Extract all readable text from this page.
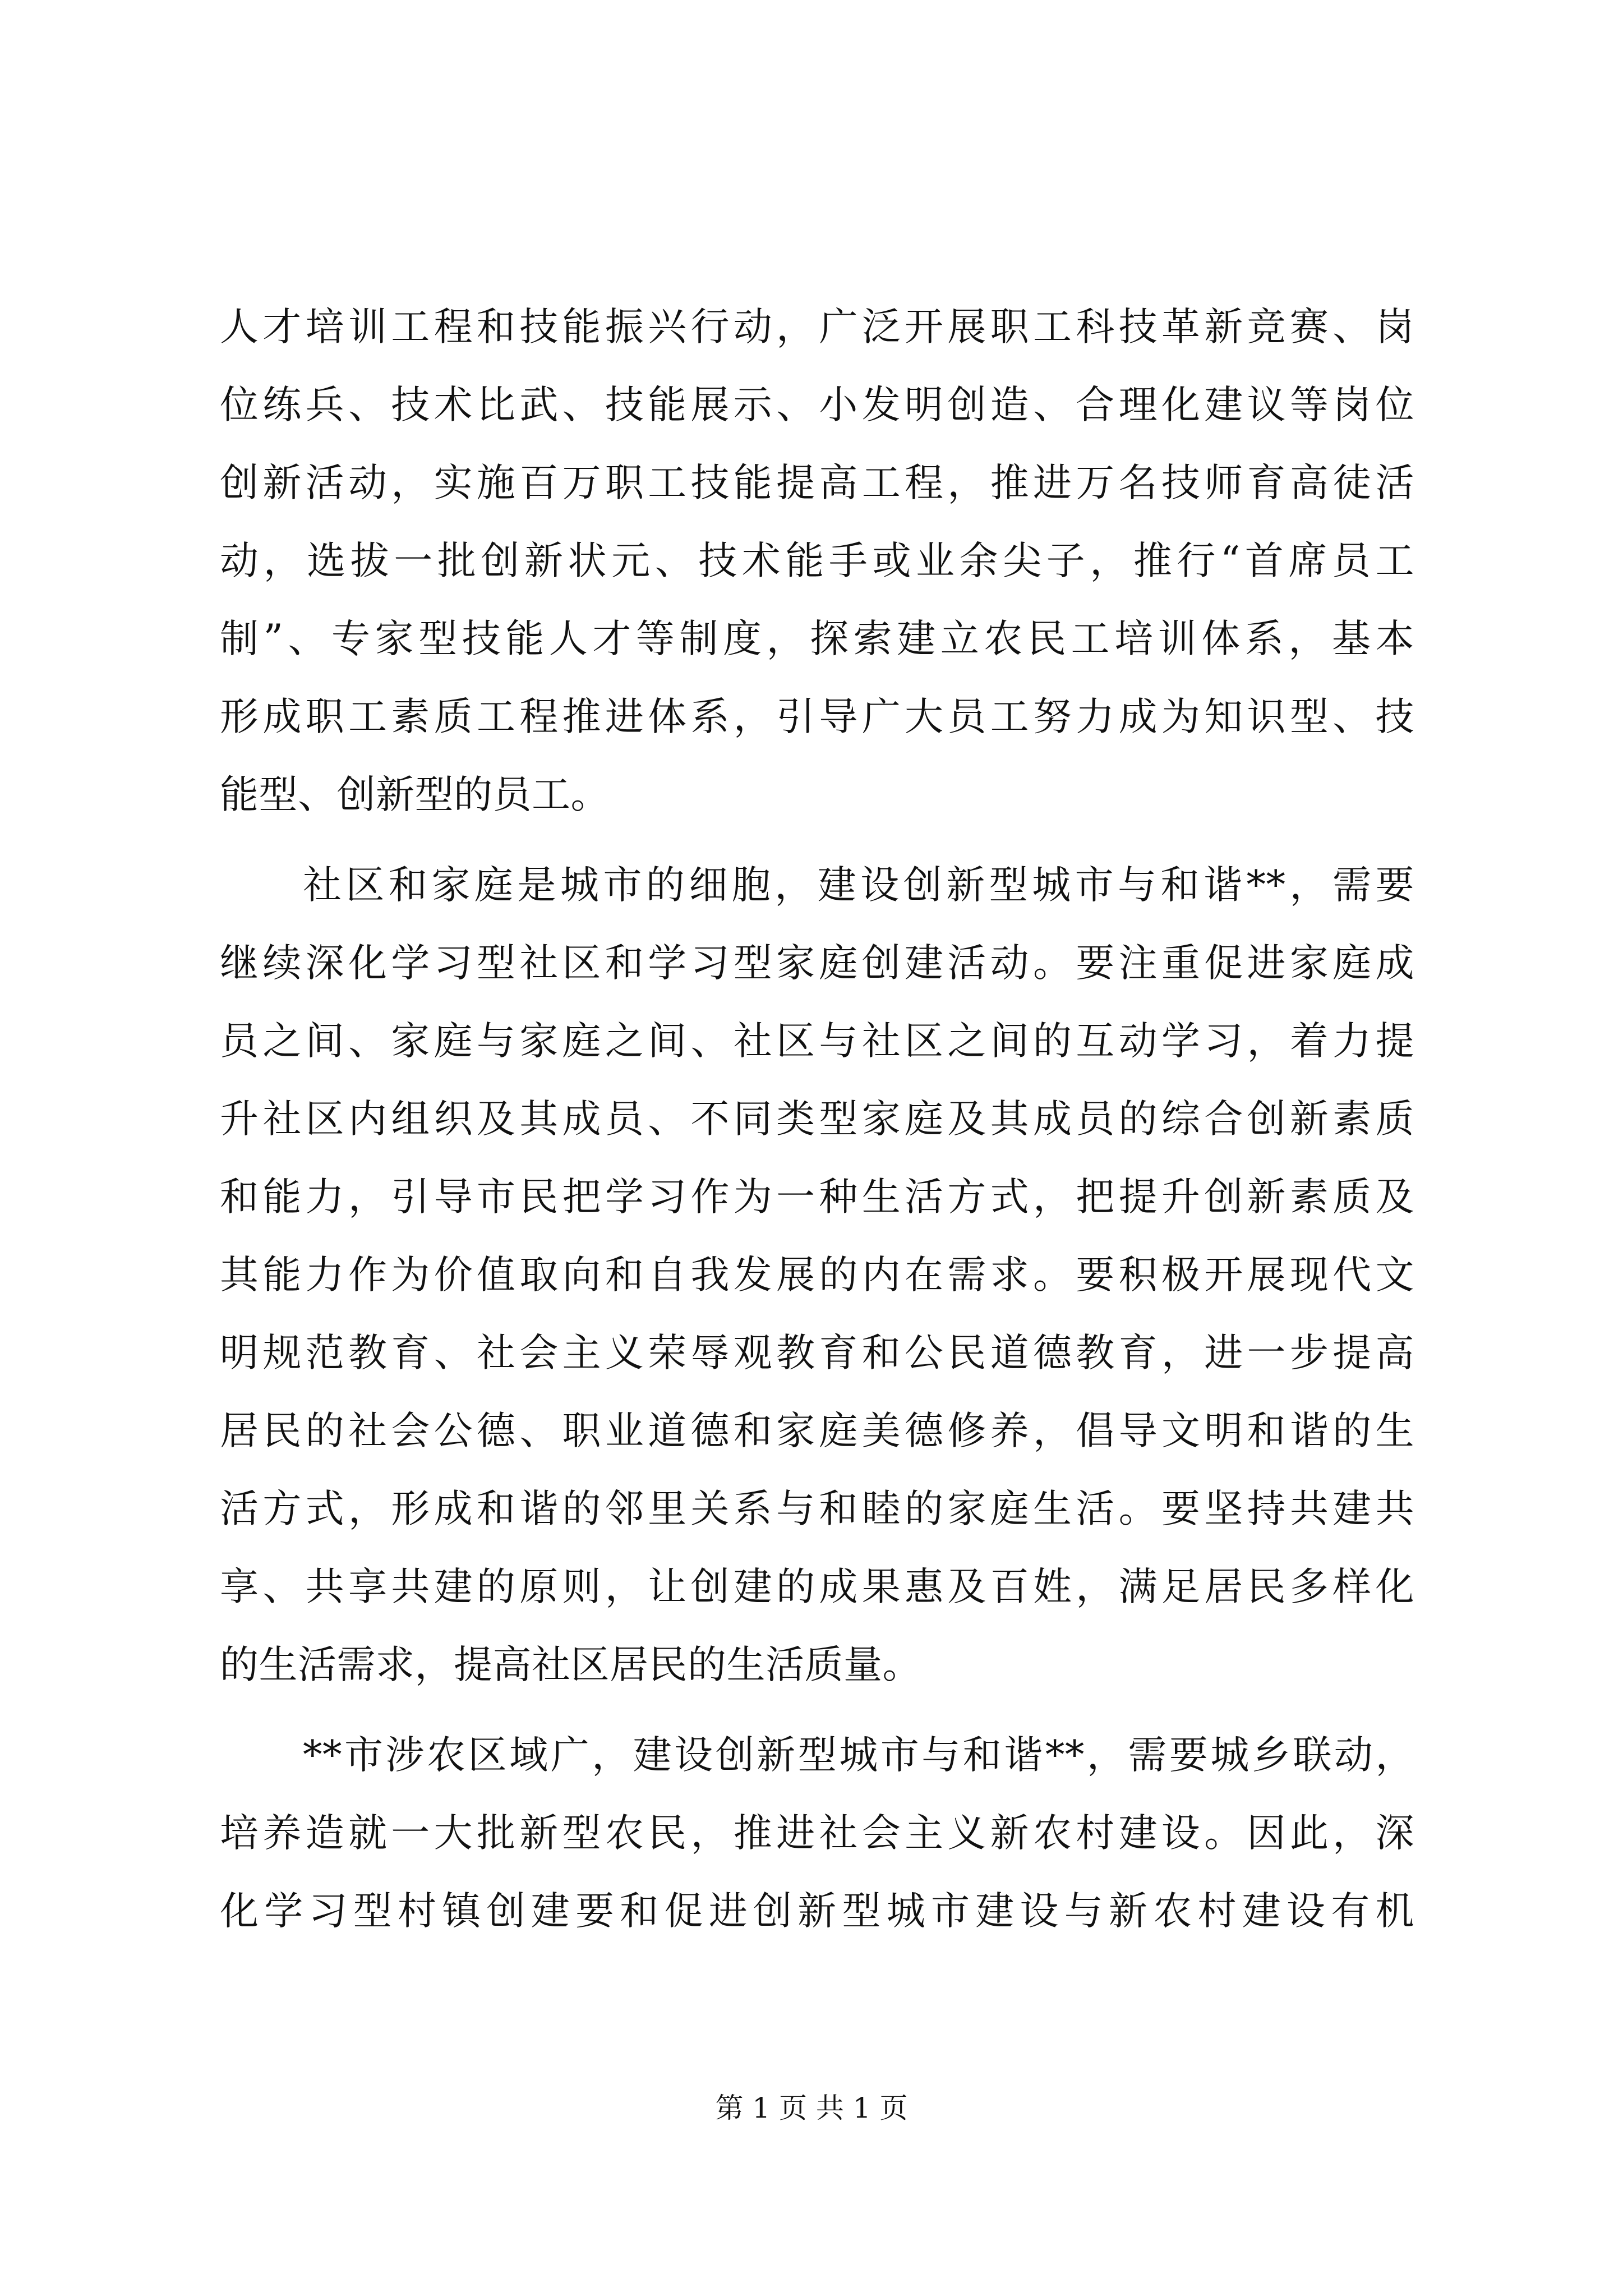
人才培训工程和技能振兴行动，广泛开展职工科技革新竞赛、岗
位练兵、技术比武、技能展示、小发明创造、合理化建议等岗位
创新活动，实施百万职工技能提高工程，推进万名技师育高徒活
动，选拔一批创新状元、技术能手或业余尖子，推行“首席员工
制”、专家型技能人才等制度，探索建立农民工培训体系，基本
形成职工素质工程推进体系，引导广大员工努力成为知识型、技
能型、创新型的员工。
社区和家庭是城市的细胞，建设创新型城市与和谐**，需要
继续深化学习型社区和学习型家庭创建活动。要注重促进家庭成
员之间、家庭与家庭之间、社区与社区之间的互动学习，着力提
升社区内组织及其成员、不同类型家庭及其成员的综合创新素质
和能力，引导市民把学习作为一种生活方式，把提升创新素质及
其能力作为价值取向和自我发展的内在需求。要积极开展现代文
明规范教育、社会主义荣辱观教育和公民道德教育，进一步提高
居民的社会公德、职业道德和家庭美德修养，倡导文明和谐的生
活方式，形成和谐的邻里关系与和睦的家庭生活。要坚持共建共
享、共享共建的原则，让创建的成果惠及百姓，满足居民多样化
的生活需求，提高社区居民的生活质量。
**市涉农区域广，建设创新型城市与和谐**，需要城乡联动，
培养造就一大批新型农民，推进社会主义新农村建设。因此，深
化学习型村镇创建要和促进创新型城市建设与新农村建设有机
第 1 页 共 1 页
